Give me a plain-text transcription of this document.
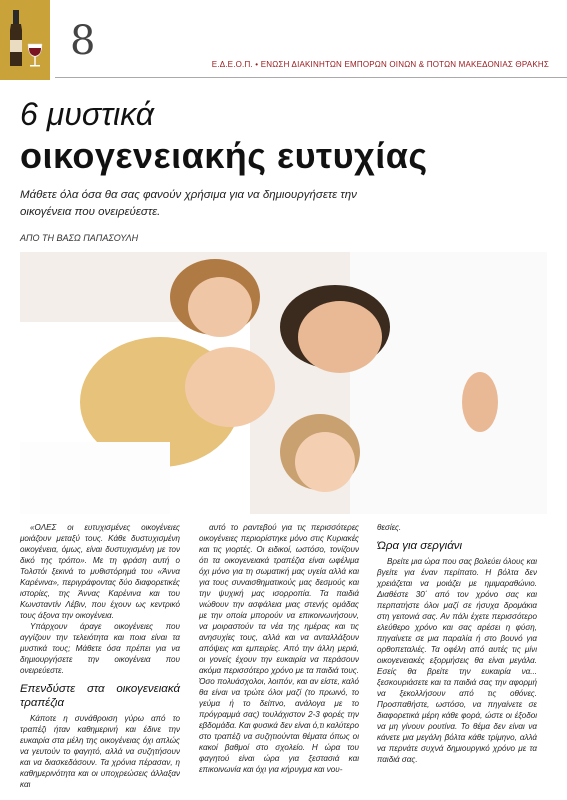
8
Ε.Δ.Ε.Ο.Π. • ΕΝΩΣΗ ΔΙΑΚΙΝΗΤΩΝ ΕΜΠΟΡΩΝ ΟΙΝΩΝ & ΠΟΤΩΝ ΜΑΚΕΔΟΝΙΑΣ ΘΡΑΚΗΣ
6 μυστικά
οικογενειακής ευτυχίας
Μάθετε όλα όσα θα σας φανούν χρήσιμα για να δημιουργήσετε την οικογένεια που ονειρεύεστε.
ΑΠΟ ΤΗ ΒΑΣΩ ΠΑΠΑΣΟΥΛΗ

«ΟΛΕΣ οι ευτυχισμένες οικογένειες μοιάζουν μεταξύ τους. Κάθε δυστυχισμένη οικογένεια, όμως, είναι δυστυχισμένη με τον δικό της τρόπο». Με τη φράση αυτή ο Τολστόι ξεκινά το μυθιστόρημά του «Άννα Καρένινα», περιγράφοντας δύο διαφορετικές ιστορίες, της Άννας Καρένινα και του Κωνσταντίν Λέβιν, που έχουν ως κεντρικό τους άξονα την οικογένεια.

Υπάρχουν άραγε οικογένειες που αγγίζουν την τελειότητα και ποια είναι τα μυστικά τους; Μάθετε όσα πρέπει για να δημιουργήσετε την οικογένεια που ονειρεύεστε.

Επενδύστε στα οικογενειακά τραπέζια

Κάποτε η συνάθροιση γύρω από το τραπέζι ήταν καθημερινή και έδινε την ευκαιρία στα μέλη της οικογένειας όχι απλώς να γευτούν το φαγητό, αλλά να συζητήσουν και να διασκεδάσουν. Τα χρόνια πέρασαν, η καθημερινότητα και οι υποχρεώσεις άλλαξαν και

αυτό το ραντεβού για τις περισσότερες οικογένειες περιορίστηκε μόνο στις Κυριακές και τις γιορτές. Οι ειδικοί, ωστόσο, τονίζουν ότι τα οικογενειακά τραπέζια είναι ωφέλιμα όχι μόνο για τη σωματική μας υγεία αλλά και για τους συναισθηματικούς μας δεσμούς και την ψυχική μας ισορροπία. Τα παιδιά νιώθουν την ασφάλεια μιας στενής ομάδας με την οποία μπορούν να επικοινωνήσουν, να μοιραστούν τα νέα της ημέρας και τις ανησυχίες τους, αλλά και να ανταλλάξουν απόψεις και εμπειρίες. Από την άλλη μεριά, οι γονείς έχουν την ευκαιρία να περάσουν ακόμα περισσότερο χρόνο με τα παιδιά τους. Όσο πολυάσχολοι, λοιπόν, και αν είστε, καλό θα είναι να τρώτε όλοι μαζί (το πρωινό, το γεύμα ή το δείπνο, ανάλογα με το πρόγραμμά σας) τουλάχιστον 2-3 φορές την εβδομάδα. Και φυσικά δεν είναι ό,τι καλύτερο στο τραπέζι να συζητιούνται θέματα όπως οι κακοί βαθμοί στο σχολείο. Η ώρα του φαγητού είναι ώρα για ξεστασιά και επικοινωνία και όχι για κήρυγμα και νου-

θεσίες.

Ώρα για σεργιάνι

Βρείτε μια ώρα που σας βολεύει όλους και βγείτε για έναν περίπατο. Η βόλτα δεν χρειάζεται να μοιάζει με ημιμαραθώνιο. Διαθέστε 30΄ από τον χρόνο σας και περπατήστε όλοι μαζί σε ήσυχα δρομάκια στη γειτονιά σας. Αν πάλι έχετε περισσότερο ελεύθερο χρόνο και σας αρέσει η φύση, πηγαίνετε σε μια παραλία ή στο βουνό για ορθοπεταλιές. Τα οφέλη από αυτές τις μίνι οικογενειακές εξορμήσεις θα είναι μεγάλα. Εσείς θα βρείτε την ευκαιρία να... ξεσκουριάσετε και τα παιδιά σας την αφορμή να ξεκολλήσουν από τις οθόνες. Προσπαθήστε, ωστόσο, να πηγαίνετε σε διαφορετικά μέρη κάθε φορά, ώστε οι έξοδοι να μη γίνουν ρουτίνα. Το θέμα δεν είναι να κάνετε μια μεγάλη βόλτα κάθε τρίμηνο, αλλά να περνάτε συχνά δημιουργικό χρόνο με τα παιδιά σας.
